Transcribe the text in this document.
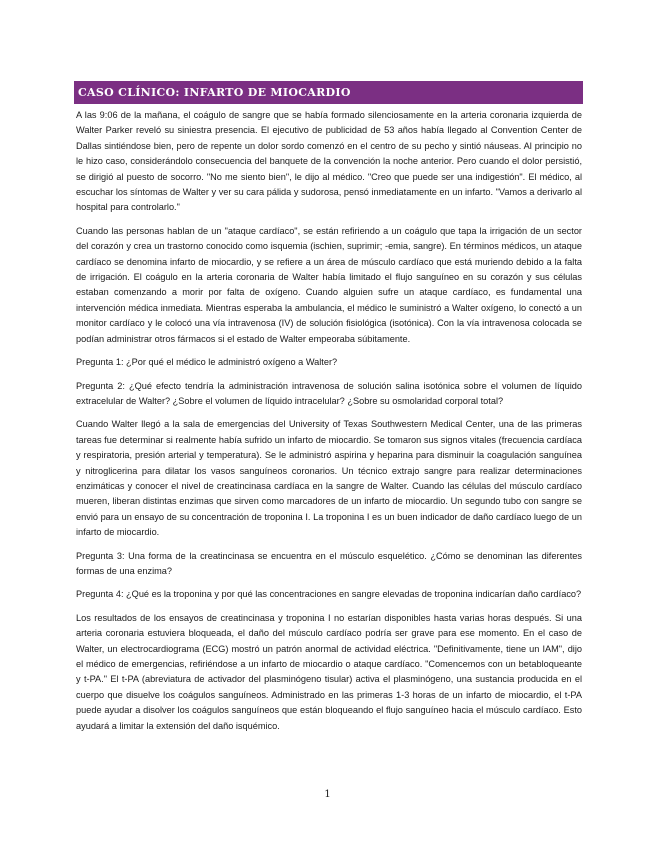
CASO CLÍNICO: INFARTO DE MIOCARDIO

A las 9:06 de la mañana, el coágulo de sangre que se había formado silenciosamente en la arteria coronaria izquierda de Walter Parker reveló su siniestra presencia. El ejecutivo de publicidad de 53 años había llegado al Convention Center de Dallas sintiéndose bien, pero de repente un dolor sordo comenzó en el centro de su pecho y sintió náuseas. Al principio no le hizo caso, considerándolo consecuencia del banquete de la convención la noche anterior. Pero cuando el dolor persistió, se dirigió al puesto de socorro. "No me siento bien", le dijo al médico. "Creo que puede ser una indigestión". El médico, al escuchar los síntomas de Walter y ver su cara pálida y sudorosa, pensó inmediatamente en un infarto. "Vamos a derivarlo al hospital para controlarlo."

Cuando las personas hablan de un "ataque cardíaco", se están refiriendo a un coágulo que tapa la irrigación de un sector del corazón y crea un trastorno conocido como isquemia (ischien, suprimir; -emia, sangre). En términos médicos, un ataque cardíaco se denomina infarto de miocardio, y se refiere a un área de músculo cardíaco que está muriendo debido a la falta de irrigación. El coágulo en la arteria coronaria de Walter había limitado el flujo sanguíneo en su corazón y sus células estaban comenzando a morir por falta de oxígeno. Cuando alguien sufre un ataque cardíaco, es fundamental una intervención médica inmediata. Mientras esperaba la ambulancia, el médico le suministró a Walter oxígeno, lo conectó a un monitor cardíaco y le colocó una vía intravenosa (IV) de solución fisiológica (isotónica). Con la vía intravenosa colocada se podían administrar otros fármacos si el estado de Walter empeoraba súbitamente.

Pregunta 1: ¿Por qué el médico le administró oxígeno a Walter?

Pregunta 2: ¿Qué efecto tendría la administración intravenosa de solución salina isotónica sobre el volumen de líquido extracelular de Walter? ¿Sobre el volumen de líquido intracelular? ¿Sobre su osmolaridad corporal total?

Cuando Walter llegó a la sala de emergencias del University of Texas Southwestern Medical Center, una de las primeras tareas fue determinar si realmente había sufrido un infarto de miocardio. Se tomaron sus signos vitales (frecuencia cardíaca y respiratoria, presión arterial y temperatura). Se le administró aspirina y heparina para disminuir la coagulación sanguínea y nitroglicerina para dilatar los vasos sanguíneos coronarios. Un técnico extrajo sangre para realizar determinaciones enzimáticas y conocer el nivel de creatincinasa cardíaca en la sangre de Walter. Cuando las células del músculo cardíaco mueren, liberan distintas enzimas que sirven como marcadores de un infarto de miocardio. Un segundo tubo con sangre se envió para un ensayo de su concentración de troponina I. La troponina I es un buen indicador de daño cardíaco luego de un infarto de miocardio.

Pregunta 3: Una forma de la creatincinasa se encuentra en el músculo esquelético. ¿Cómo se denominan las diferentes formas de una enzima?

Pregunta 4: ¿Qué es la troponina y por qué las concentraciones en sangre elevadas de troponina indicarían daño cardíaco?

Los resultados de los ensayos de creatincinasa y troponina I no estarían disponibles hasta varias horas después. Si una arteria coronaria estuviera bloqueada, el daño del músculo cardíaco podría ser grave para ese momento. En el caso de Walter, un electrocardiograma (ECG) mostró un patrón anormal de actividad eléctrica. "Definitivamente, tiene un IAM", dijo el médico de emergencias, refiriéndose a un infarto de miocardio o ataque cardíaco. "Comencemos con un betabloqueante y t-PA." El t-PA (abreviatura de activador del plasminógeno tisular) activa el plasminógeno, una sustancia producida en el cuerpo que disuelve los coágulos sanguíneos. Administrado en las primeras 1-3 horas de un infarto de miocardio, el t-PA puede ayudar a disolver los coágulos sanguíneos que están bloqueando el flujo sanguíneo hacia el músculo cardíaco. Esto ayudará a limitar la extensión del daño isquémico.

1
